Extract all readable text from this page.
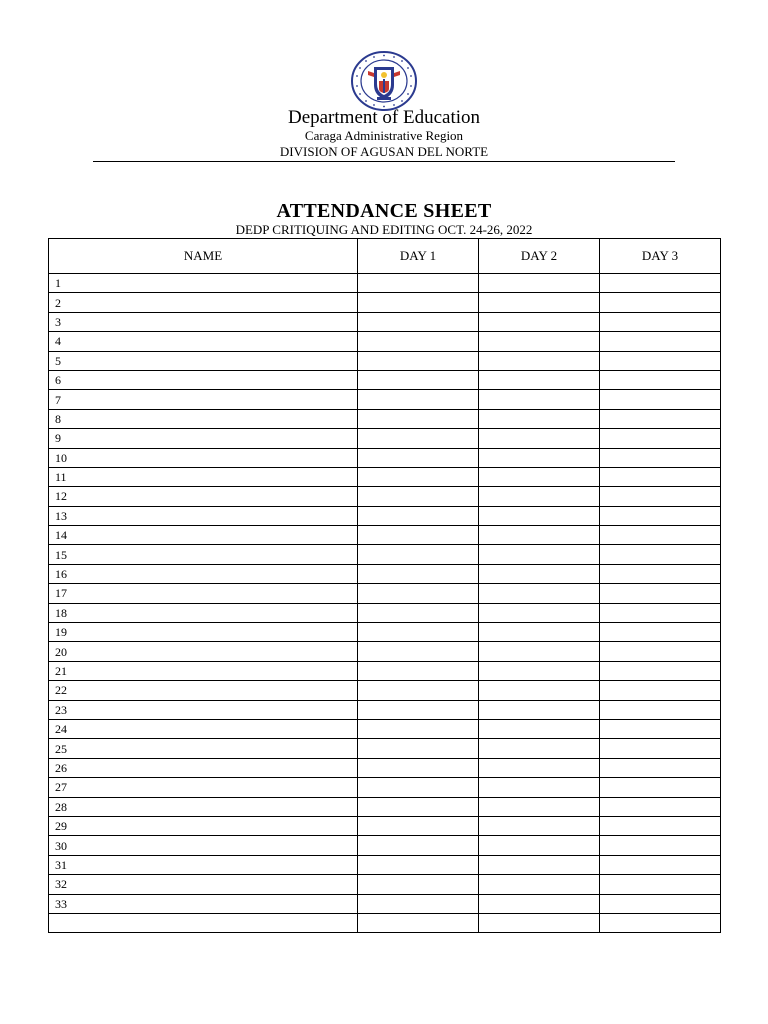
Department of Education
Caraga Administrative Region
DIVISION OF AGUSAN DEL NORTE
ATTENDANCE SHEET
DEDP CRITIQUING AND EDITING OCT. 24-26, 2022
NAME	DAY 1	DAY 2	DAY 3
1			
2			
3			
4			
5			
6			
7			
8			
9			
10			
11			
12			
13			
14			
15			
16			
17			
18			
19			
20			
21			
22			
23			
24			
25			
26			
27			
28			
29			
30			
31			
32			
33			
